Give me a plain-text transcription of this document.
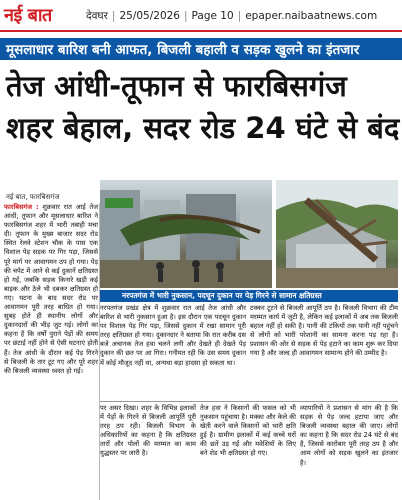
नई बात	देवघर | 25/05/2026 | Page 10 | epaper.naibaatnews.com
मूसलाधार बारिश बनी आफत, बिजली बहाली व सड़क खुलने का इंतजार
तेज आंधी-तूफान से फारबिसगंज
शहर बेहाल, सदर रोड 24 घंटे से बंद
नई बात, फारबिसगंज
फारबिसगंज : शुक्रवार रात आई तेज आंधी, तूफान और मूसलाधार बारिश ने फारबिसगंज शहर में भारी तबाही मचा दी। तूफान के मुख्य बाजार सदर रोड स्थित रेलवे स्टेशन चौक के पास एक विशाल पेड़ सड़क पर गिर पड़ा, जिससे पूरे मार्ग पर आवागमन ठप हो गया। पेड़ की चपेट में आने से कई दुकानें क्षतिग्रस्त हो गईं, जबकि सड़क किनारे खड़ी कई बाइक और ठेले भी दबकर क्षतिग्रस्त हो गए। घटना के बाद सदर रोड पर आवागमन पूरी तरह बाधित हो गया। सुबह होते ही स्थानीय लोगों और दुकानदारों की भीड़ जुट गई। लोगों का कहना है कि वर्षों पुराने पेड़ों की समय पर छंटाई नहीं होने से ऐसी घटनाएं होती हैं। तेज आंधी के दौरान कई पेड़ गिरने से बिजली के तार टूट गए और पूरे शहर की बिजली व्यवस्था ध्वस्त हो गई।
नरपतगंज में भारी नुकसान, पदचून दुकान पर पेड़ गिरने से सामान क्षतिग्रस्त
नरपतगंज प्रखंड क्षेत्र में शुक्रवार रात आई तेज आंधी और बारिश से भारी नुकसान हुआ है। इस दौरान एक पदचून दुकान पर विशाल पेड़ गिर पड़ा, जिससे दुकान में रखा सामान पूरी तरह क्षतिग्रस्त हो गया। दुकानदार ने बताया कि रात करीब दस बजे अचानक तेज हवा चलने लगी और देखते ही देखते पेड़ दुकान की छत पर आ गिरा। गनीमत रही कि उस समय दुकान में कोई मौजूद नहीं था, अन्यथा बड़ा हादसा हो सकता था।
टक्कर टूटने से बिजली आपूर्ति ठप है। बिजली विभाग की टीम मरम्मत कार्य में जुटी है, लेकिन कई इलाकों में अब तक बिजली बहाल नहीं हो सकी है। पानी की टंकियों तक पानी नहीं पहुंचने से लोगों को भारी परेशानी का सामना करना पड़ रहा है। प्रशासन की ओर से सड़क से पेड़ हटाने का काम शुरू कर दिया गया है और जल्द ही आवागमन सामान्य होने की उम्मीद है।
पर असर दिखा। शहर के विभिन्न इलाकों में पेड़ों के गिरने से बिजली आपूर्ति पूरी तरह ठप रही। बिजली विभाग के अधिकारियों का कहना है कि क्षतिग्रस्त तारों और पोलों की मरम्मत का काम युद्धस्तर पर जारी है।
तेज हवा ने किसानों की फसल को भी नुकसान पहुंचाया है। मक्का और केले की खेती करने वाले किसानों को भारी क्षति हुई है। ग्रामीण इलाकों में कई कच्चे घरों की छतें उड़ गईं और मवेशियों के लिए बने शेड भी क्षतिग्रस्त हो गए।
व्यापारियों ने प्रशासन से मांग की है कि सड़क से पेड़ जल्द हटाया जाए और बिजली व्यवस्था बहाल की जाए। लोगों का कहना है कि सदर रोड 24 घंटे से बंद है, जिससे कारोबार पूरी तरह ठप है और आम लोगों को सड़क खुलने का इंतजार है।
